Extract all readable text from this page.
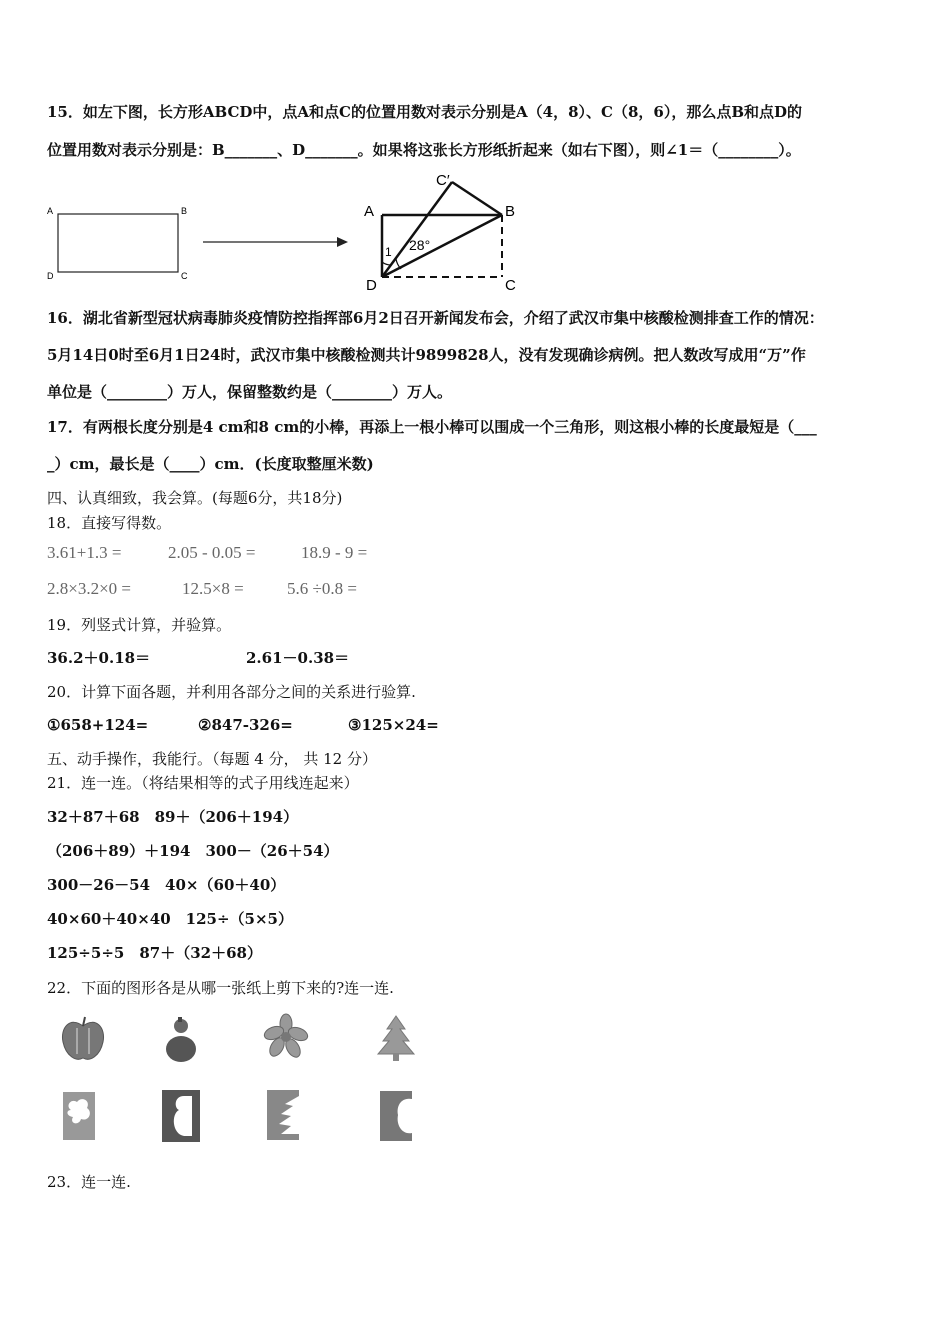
15．如左下图，长方形ABCD中，点A和点C的位置用数对表示分别是A（4，8）、C（8，6），那么点B和点D的
位置用数对表示分别是：B_______、D_______。如果将这张长方形纸折起来（如右下图），则∠1＝（________）。
A	B
D	C
A	B
D	C
C′
1 28°
16．湖北省新型冠状病毒肺炎疫情防控指挥部6月2日召开新闻发布会，介绍了武汉市集中核酸检测排查工作的情况：
5月14日0时至6月1日24时，武汉市集中核酸检测共计9899828人，没有发现确诊病例。把人数改写成用“万”作
单位是（________）万人，保留整数约是（________）万人。
17．有两根长度分别是4 cm和8 cm的小棒，再添上一根小棒可以围成一个三角形，则这根小棒的长度最短是（___
_）cm，最长是（____）cm．(长度取整厘米数)
四、认真细致，我会算。(每题6分，共18分)
18．直接写得数。
3.61+1.3 =	2.05 - 0.05 =	18.9 - 9 =
2.8×3.2×0 =	12.5×8 =	5.6 ÷0.8 =
19．列竖式计算，并验算。
36.2＋0.18＝	2.61－0.38＝
20．计算下面各题，并利用各部分之间的关系进行验算.
①658+124=	②847-326=	③125×24=
五、动手操作，我能行。（每题 4 分， 共 12 分）
21．连一连。（将结果相等的式子用线连起来）
32＋87＋68　89＋（206＋194）
（206＋89）＋194　300－（26＋54）
300－26－54　40×（60＋40）
40×60＋40×40　125÷（5×5）
125÷5÷5　87＋（32＋68）
22．下面的图形各是从哪一张纸上剪下来的?连一连.
23．连一连.
